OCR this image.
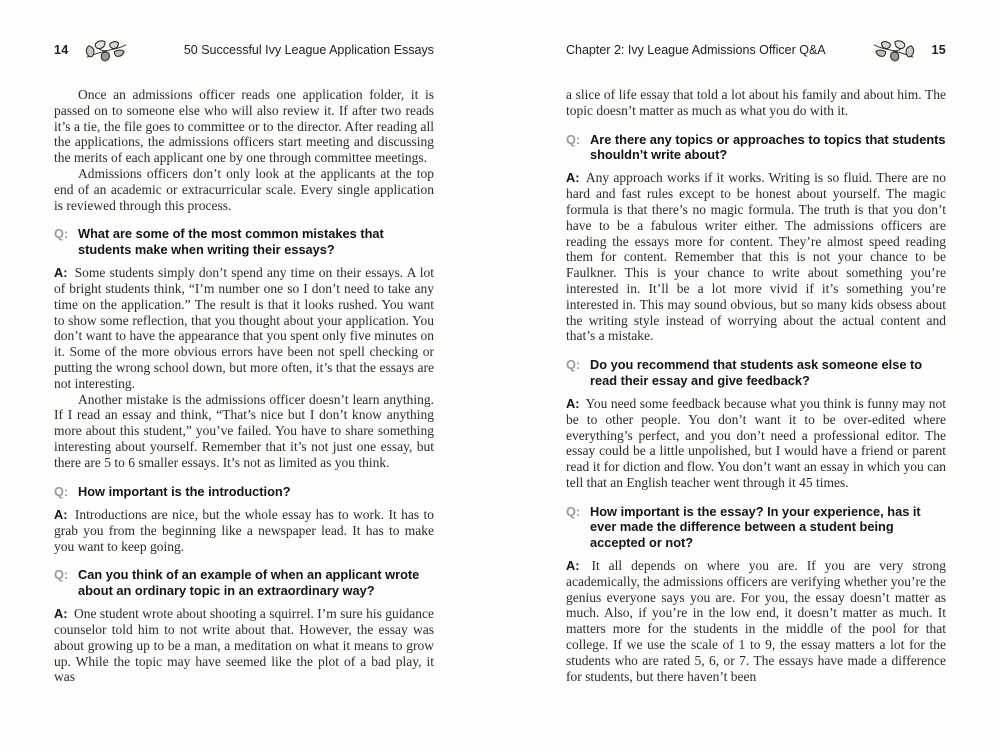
14	50 Successful Ivy League Application Essays

Once an admissions officer reads one application folder, it is passed on to someone else who will also review it. If after two reads it’s a tie, the file goes to committee or to the director. After reading all the applications, the admissions officers start meeting and discussing the merits of each applicant one by one through committee meetings.

Admissions officers don’t only look at the applicants at the top end of an academic or extracurricular scale. Every single application is reviewed through this process.

Q: What are some of the most common mistakes that students make when writing their essays?

A: Some students simply don’t spend any time on their essays. A lot of bright students think, “I’m number one so I don’t need to take any time on the application.” The result is that it looks rushed. You want to show some reflection, that you thought about your application. You don’t want to have the appearance that you spent only five minutes on it. Some of the more obvious errors have been not spell checking or putting the wrong school down, but more often, it’s that the essays are not interesting.

Another mistake is the admissions officer doesn’t learn anything. If I read an essay and think, “That’s nice but I don’t know anything more about this student,” you’ve failed. You have to share something interesting about yourself. Remember that it’s not just one essay, but there are 5 to 6 smaller essays. It’s not as limited as you think.

Q: How important is the introduction?

A: Introductions are nice, but the whole essay has to work. It has to grab you from the beginning like a newspaper lead. It has to make you want to keep going.

Q: Can you think of an example of when an applicant wrote about an ordinary topic in an extraordinary way?

A: One student wrote about shooting a squirrel. I’m sure his guidance counselor told him to not write about that. However, the essay was about growing up to be a man, a meditation on what it means to grow up. While the topic may have seemed like the plot of a bad play, it was

Chapter 2: Ivy League Admissions Officer Q&A	15

a slice of life essay that told a lot about his family and about him. The topic doesn’t matter as much as what you do with it.

Q: Are there any topics or approaches to topics that students shouldn’t write about?

A: Any approach works if it works. Writing is so fluid. There are no hard and fast rules except to be honest about yourself. The magic formula is that there’s no magic formula. The truth is that you don’t have to be a fabulous writer either. The admissions officers are reading the essays more for content. They’re almost speed reading them for content. Remember that this is not your chance to be Faulkner. This is your chance to write about something you’re interested in. It’ll be a lot more vivid if it’s something you’re interested in. This may sound obvious, but so many kids obsess about the writing style instead of worrying about the actual content and that’s a mistake.

Q: Do you recommend that students ask someone else to read their essay and give feedback?

A: You need some feedback because what you think is funny may not be to other people. You don’t want it to be over-edited where everything’s perfect, and you don’t need a professional editor. The essay could be a little unpolished, but I would have a friend or parent read it for diction and flow. You don’t want an essay in which you can tell that an English teacher went through it 45 times.

Q: How important is the essay? In your experience, has it ever made the difference between a student being accepted or not?

A: It all depends on where you are. If you are very strong academically, the admissions officers are verifying whether you’re the genius everyone says you are. For you, the essay doesn’t matter as much. Also, if you’re in the low end, it doesn’t matter as much. It matters more for the students in the middle of the pool for that college. If we use the scale of 1 to 9, the essay matters a lot for the students who are rated 5, 6, or 7. The essays have made a difference for students, but there haven’t been
